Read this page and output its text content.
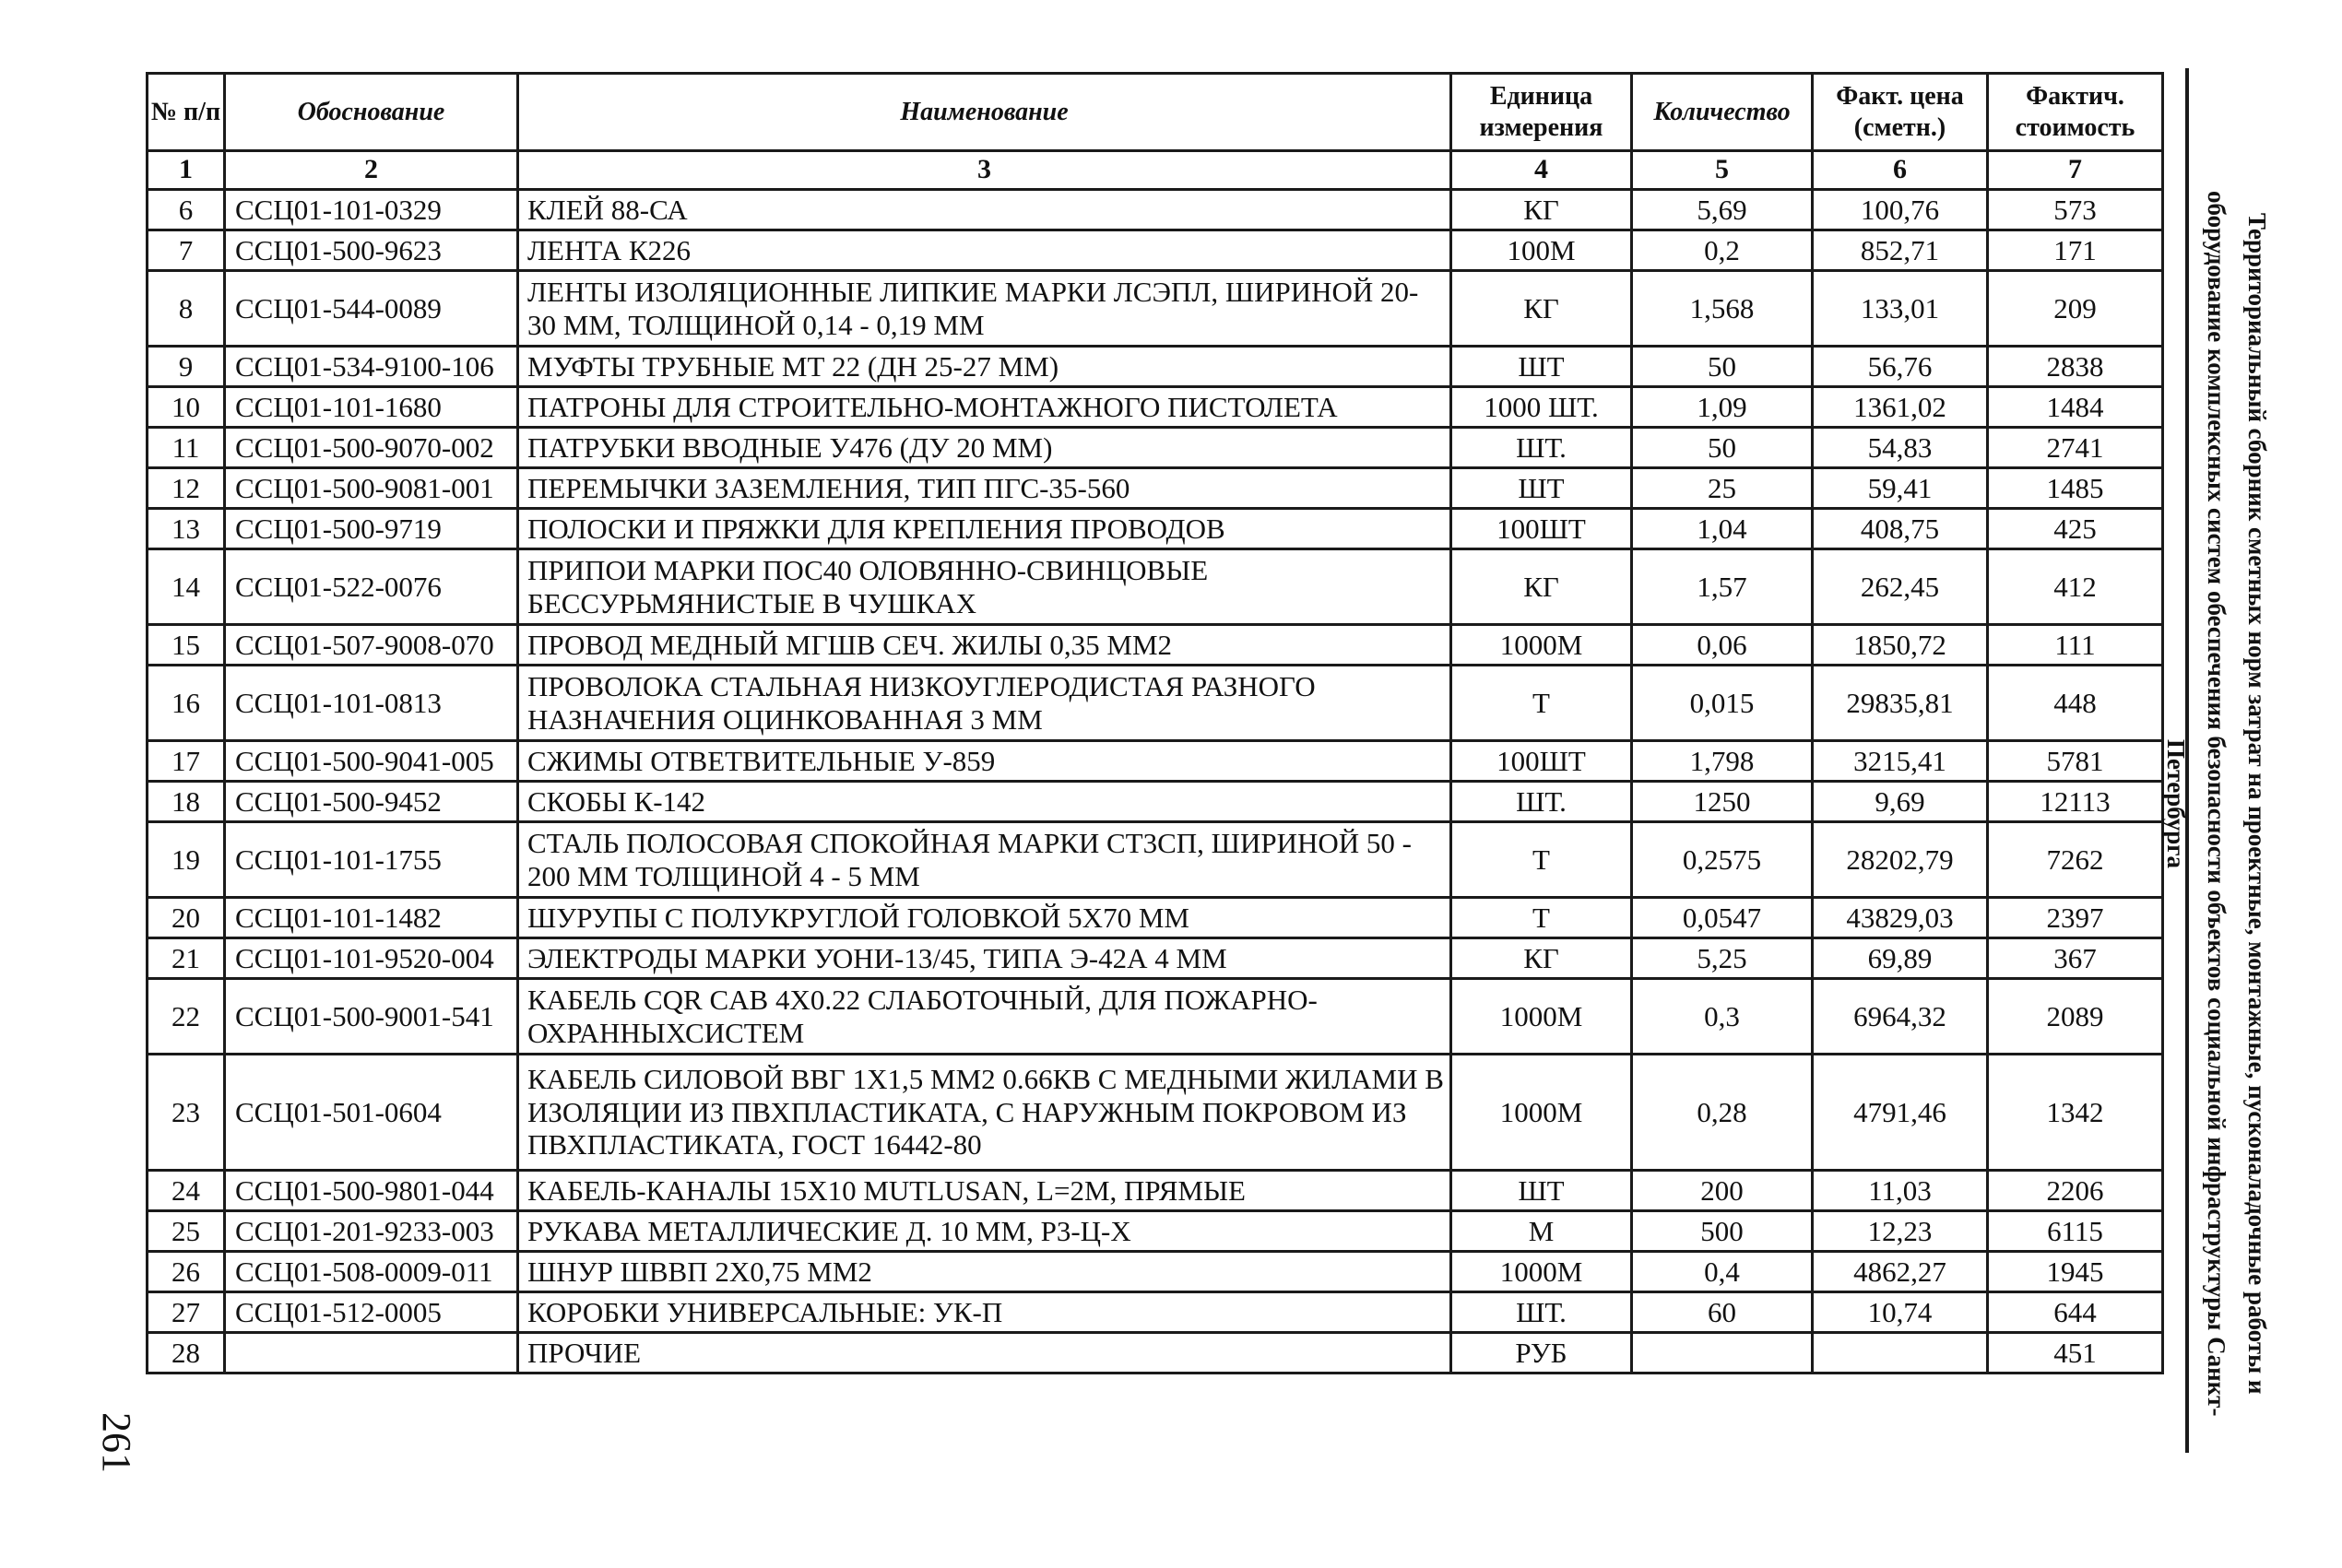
№ п/п	Обоснование	Наименование	Единица измерения	Количество	Факт. цена (сметн.)	Фактич. стоимость
1	2	3	4	5	6	7
6	ССЦ01-101-0329	КЛЕЙ 88-СА	КГ	5,69	100,76	573
7	ССЦ01-500-9623	ЛЕНТА К226	100М	0,2	852,71	171
8	ССЦ01-544-0089	ЛЕНТЫ ИЗОЛЯЦИОННЫЕ ЛИПКИЕ МАРКИ ЛСЭПЛ, ШИРИНОЙ 20-30 ММ, ТОЛЩИНОЙ 0,14 - 0,19 ММ	КГ	1,568	133,01	209
9	ССЦ01-534-9100-106	МУФТЫ ТРУБНЫЕ МТ 22 (ДН 25-27 ММ)	ШТ	50	56,76	2838
10	ССЦ01-101-1680	ПАТРОНЫ ДЛЯ СТРОИТЕЛЬНО-МОНТАЖНОГО ПИСТОЛЕТА	1000 ШТ.	1,09	1361,02	1484
11	ССЦ01-500-9070-002	ПАТРУБКИ ВВОДНЫЕ У476 (ДУ 20 ММ)	ШТ.	50	54,83	2741
12	ССЦ01-500-9081-001	ПЕРЕМЫЧКИ ЗАЗЕМЛЕНИЯ, ТИП ПГС-35-560	ШТ	25	59,41	1485
13	ССЦ01-500-9719	ПОЛОСКИ И ПРЯЖКИ ДЛЯ КРЕПЛЕНИЯ ПРОВОДОВ	100ШТ	1,04	408,75	425
14	ССЦ01-522-0076	ПРИПОИ МАРКИ ПОС40 ОЛОВЯННО-СВИНЦОВЫЕ БЕССУРЬМЯНИСТЫЕ В ЧУШКАХ	КГ	1,57	262,45	412
15	ССЦ01-507-9008-070	ПРОВОД МЕДНЫЙ МГШВ СЕЧ. ЖИЛЫ 0,35 ММ2	1000М	0,06	1850,72	111
16	ССЦ01-101-0813	ПРОВОЛОКА СТАЛЬНАЯ НИЗКОУГЛЕРОДИСТАЯ РАЗНОГО НАЗНАЧЕНИЯ ОЦИНКОВАННАЯ 3 ММ	Т	0,015	29835,81	448
17	ССЦ01-500-9041-005	СЖИМЫ ОТВЕТВИТЕЛЬНЫЕ У-859	100ШТ	1,798	3215,41	5781
18	ССЦ01-500-9452	СКОБЫ К-142	ШТ.	1250	9,69	12113
19	ССЦ01-101-1755	СТАЛЬ ПОЛОСОВАЯ СПОКОЙНАЯ МАРКИ СТ3СП, ШИРИНОЙ 50 - 200 ММ ТОЛЩИНОЙ 4 - 5 ММ	Т	0,2575	28202,79	7262
20	ССЦ01-101-1482	ШУРУПЫ С ПОЛУКРУГЛОЙ ГОЛОВКОЙ 5Х70 ММ	Т	0,0547	43829,03	2397
21	ССЦ01-101-9520-004	ЭЛЕКТРОДЫ МАРКИ УОНИ-13/45, ТИПА Э-42А 4 ММ	КГ	5,25	69,89	367
22	ССЦ01-500-9001-541	КАБЕЛЬ CQR CAB 4X0.22 СЛАБОТОЧНЫЙ, ДЛЯ ПОЖАРНО-ОХРАННЫХСИСТЕМ	1000М	0,3	6964,32	2089
23	ССЦ01-501-0604	КАБЕЛЬ СИЛОВОЙ ВВГ 1Х1,5 ММ2 0.66КВ С МЕДНЫМИ ЖИЛАМИ В ИЗОЛЯЦИИ ИЗ ПВХПЛАСТИКАТА, С НАРУЖНЫМ ПОКРОВОМ ИЗ ПВХПЛАСТИКАТА, ГОСТ 16442-80	1000М	0,28	4791,46	1342
24	ССЦ01-500-9801-044	КАБЕЛЬ-КАНАЛЫ 15Х10 MUTLUSAN, L=2M, ПРЯМЫЕ	ШТ	200	11,03	2206
25	ССЦ01-201-9233-003	РУКАВА МЕТАЛЛИЧЕСКИЕ Д. 10 ММ, Р3-Ц-Х	М	500	12,23	6115
26	ССЦ01-508-0009-011	ШНУР ШВВП 2Х0,75 ММ2	1000М	0,4	4862,27	1945
27	ССЦ01-512-0005	КОРОБКИ УНИВЕРСАЛЬНЫЕ: УК-П	ШТ.	60	10,74	644
28		ПРОЧИЕ	РУБ			451	Территориальный сборник сметных норм затрат на проектные, монтажные, пусконаладочные работы и оборудование комплексных систем обеспечения безопасности объектов социальной инфраструктуры Санкт-Петербурга
261
